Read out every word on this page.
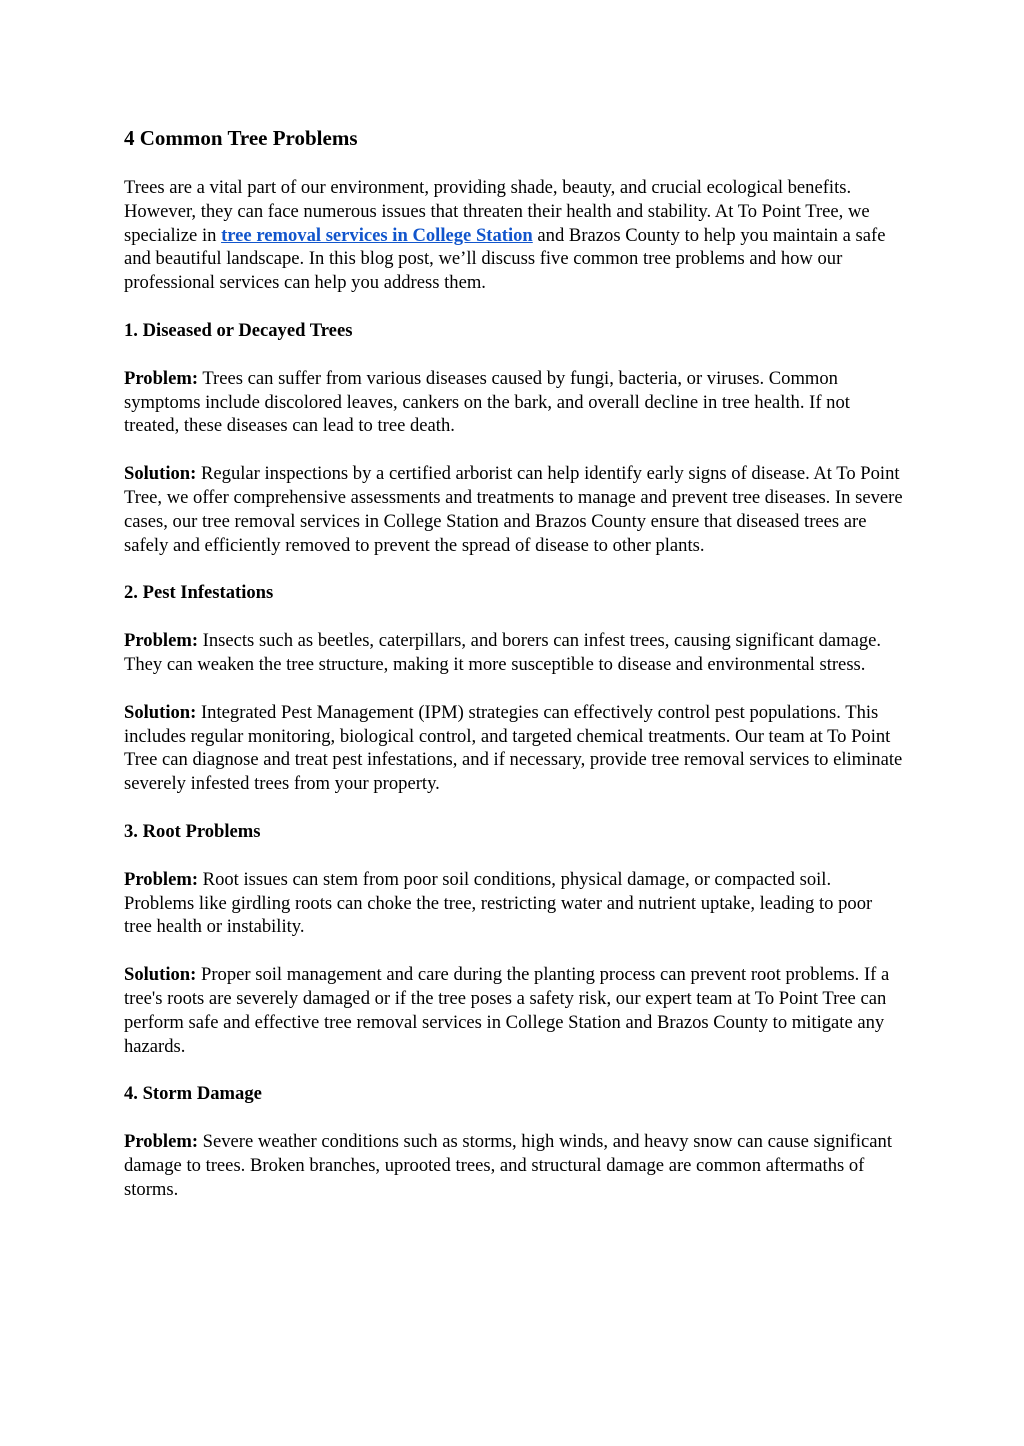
4 Common Tree Problems

Trees are a vital part of our environment, providing shade, beauty, and crucial ecological benefits. However, they can face numerous issues that threaten their health and stability. At To Point Tree, we specialize in tree removal services in College Station and Brazos County to help you maintain a safe and beautiful landscape. In this blog post, we’ll discuss five common tree problems and how our professional services can help you address them.

1. Diseased or Decayed Trees

Problem: Trees can suffer from various diseases caused by fungi, bacteria, or viruses. Common symptoms include discolored leaves, cankers on the bark, and overall decline in tree health. If not treated, these diseases can lead to tree death.

Solution: Regular inspections by a certified arborist can help identify early signs of disease. At To Point Tree, we offer comprehensive assessments and treatments to manage and prevent tree diseases. In severe cases, our tree removal services in College Station and Brazos County ensure that diseased trees are safely and efficiently removed to prevent the spread of disease to other plants.

2. Pest Infestations

Problem: Insects such as beetles, caterpillars, and borers can infest trees, causing significant damage. They can weaken the tree structure, making it more susceptible to disease and environmental stress.

Solution: Integrated Pest Management (IPM) strategies can effectively control pest populations. This includes regular monitoring, biological control, and targeted chemical treatments. Our team at To Point Tree can diagnose and treat pest infestations, and if necessary, provide tree removal services to eliminate severely infested trees from your property.

3. Root Problems

Problem: Root issues can stem from poor soil conditions, physical damage, or compacted soil. Problems like girdling roots can choke the tree, restricting water and nutrient uptake, leading to poor tree health or instability.

Solution: Proper soil management and care during the planting process can prevent root problems. If a tree's roots are severely damaged or if the tree poses a safety risk, our expert team at To Point Tree can perform safe and effective tree removal services in College Station and Brazos County to mitigate any hazards.

4. Storm Damage

Problem: Severe weather conditions such as storms, high winds, and heavy snow can cause significant damage to trees. Broken branches, uprooted trees, and structural damage are common aftermaths of storms.
